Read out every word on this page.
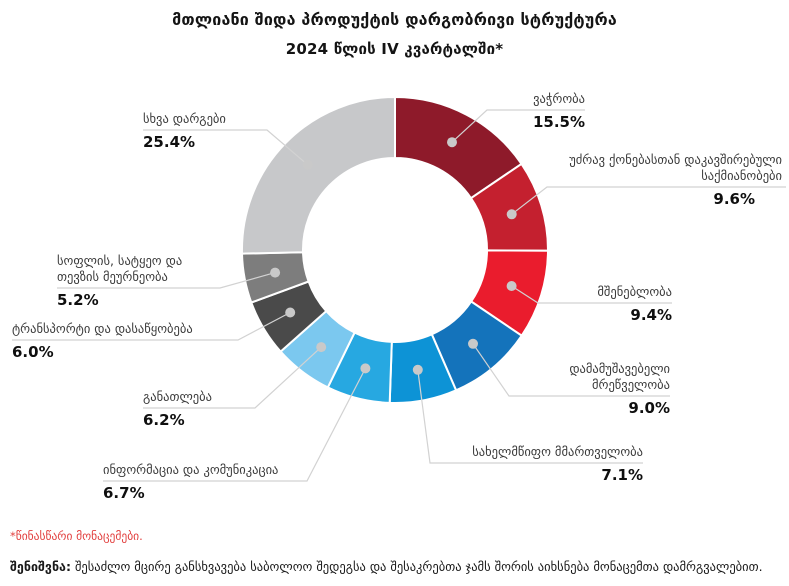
მთლიანი შიდა პროდუქტის დარგობრივი სტრუქტურა
2024 წლის IV კვარტალში*
ვაჭრობა
15.5%
უძრავ ქონებასთან დაკავშირებული საქმიანობები
9.6%
მშენებლობა
9.4%
დამამუშავებელი მრეწველობა
9.0%
სახელმწიფო მმართველობა
7.1%
ინფორმაცია და კომუნიკაცია
6.7%
განათლება
6.2%
ტრანსპორტი და დასაწყობება
6.0%
სოფლის, სატყეო და თევზის მეურნეობა
5.2%
სხვა დარგები
25.4%
*წინასწარი მონაცემები.
შენიშვნა: შესაძლო მცირე განსხვავება საბოლოო შედეგსა და შესაკრებთა ჯამს შორის აიხსნება მონაცემთა დამრგვალებით.
